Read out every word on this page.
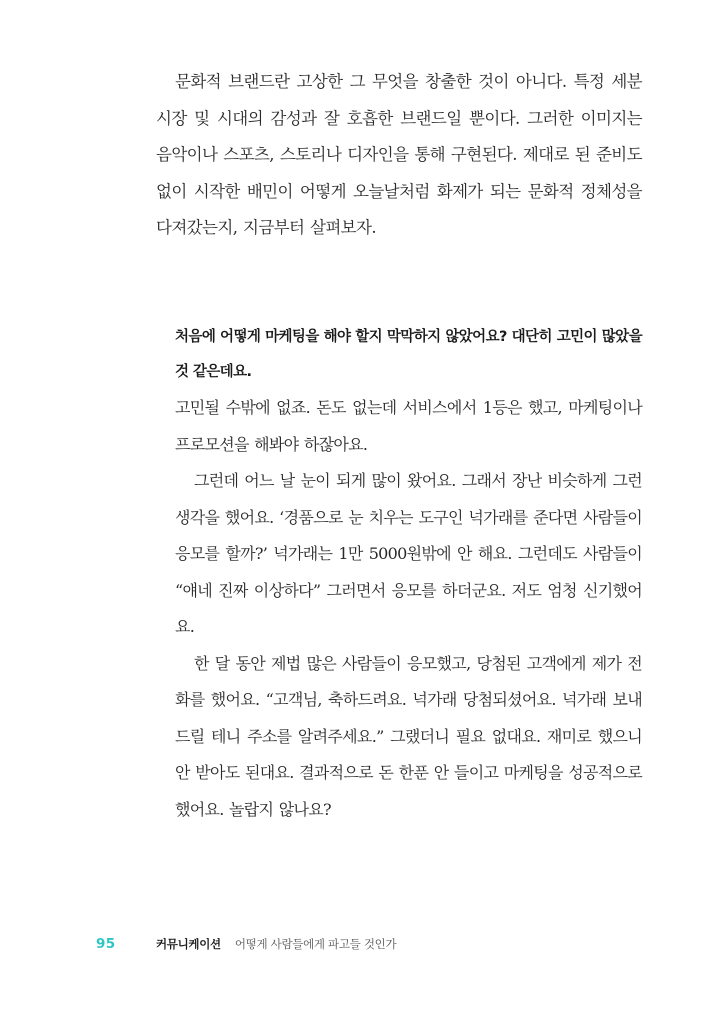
문화적 브랜드란 고상한 그 무엇을 창출한 것이 아니다. 특정 세분 시장 및 시대의 감성과 잘 호흡한 브랜드일 뿐이다. 그러한 이미지는 음악이나 스포츠, 스토리나 디자인을 통해 구현된다. 제대로 된 준비도 없이 시작한 배민이 어떻게 오늘날처럼 화제가 되는 문화적 정체성을 다져갔는지, 지금부터 살펴보자.

처음에 어떻게 마케팅을 해야 할지 막막하지 않았어요? 대단히 고민이 많았을 것 같은데요.

고민될 수밖에 없죠. 돈도 없는데 서비스에서 1등은 했고, 마케팅이나 프로모션을 해봐야 하잖아요.

그런데 어느 날 눈이 되게 많이 왔어요. 그래서 장난 비슷하게 그런 생각을 했어요. ‘경품으로 눈 치우는 도구인 넉가래를 준다면 사람들이 응모를 할까?’ 넉가래는 1만 5000원밖에 안 해요. 그런데도 사람들이 “얘네 진짜 이상하다” 그러면서 응모를 하더군요. 저도 엄청 신기했어요.

한 달 동안 제법 많은 사람들이 응모했고, 당첨된 고객에게 제가 전화를 했어요. “고객님, 축하드려요. 넉가래 당첨되셨어요. 넉가래 보내드릴 테니 주소를 알려주세요.” 그랬더니 필요 없대요. 재미로 했으니 안 받아도 된대요. 결과적으로 돈 한푼 안 들이고 마케팅을 성공적으로 했어요. 놀랍지 않나요?

95	커뮤니케이션 어떻게 사람들에게 파고들 것인가
